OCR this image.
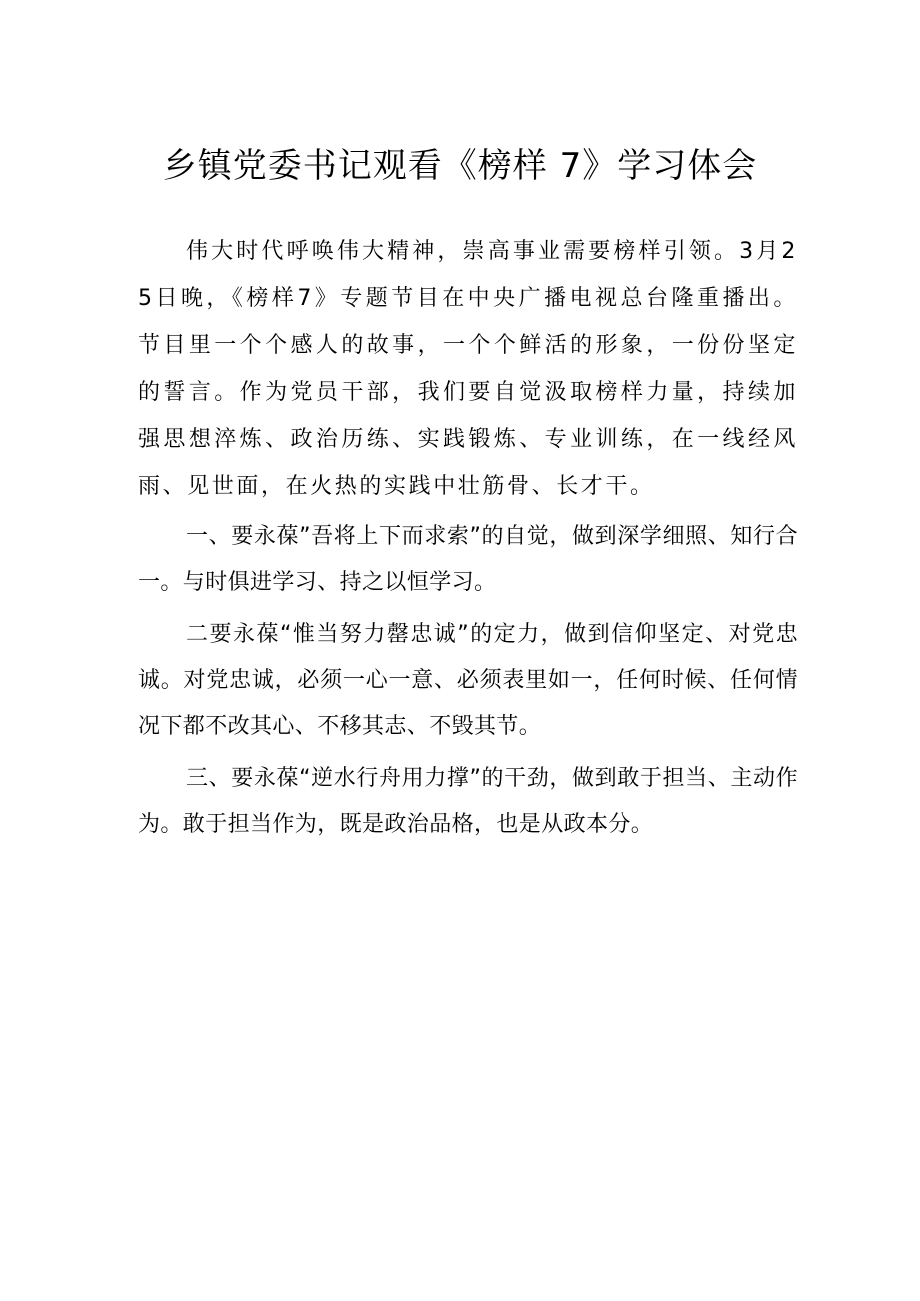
乡镇党委书记观看《榜样 7》学习体会

伟大时代呼唤伟大精神，崇高事业需要榜样引领。3月25日晚，《榜样7》专题节目在中央广播电视总台隆重播出。节目里一个个感人的故事，一个个鲜活的形象，一份份坚定的誓言。作为党员干部，我们要自觉汲取榜样力量，持续加强思想淬炼、政治历练、实践锻炼、专业训练，在一线经风雨、见世面，在火热的实践中壮筋骨、长才干。

一、要永葆”吾将上下而求索”的自觉，做到深学细照、知行合一。与时俱进学习、持之以恒学习。

二要永葆“惟当努力罄忠诚”的定力，做到信仰坚定、对党忠诚。对党忠诚，必须一心一意、必须表里如一，任何时候、任何情况下都不改其心、不移其志、不毁其节。

三、要永葆“逆水行舟用力撑”的干劲，做到敢于担当、主动作为。敢于担当作为，既是政治品格，也是从政本分。
